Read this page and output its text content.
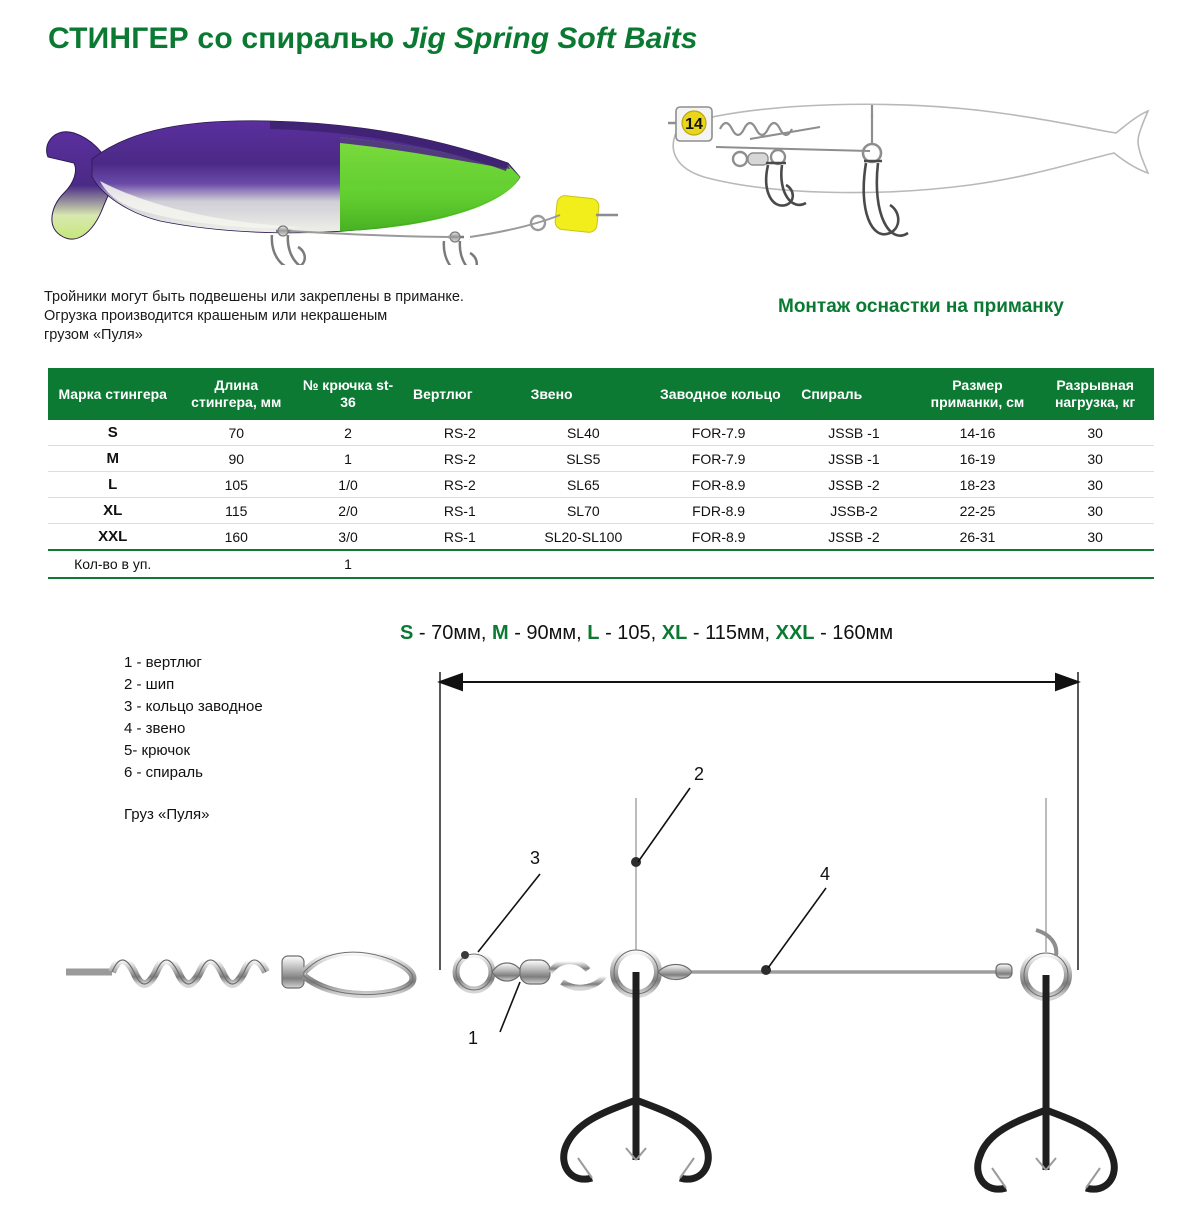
СТИНГЕР со спиралью Jig Spring Soft Baits
14
Тройники могут быть подвешены или закреплены в приманке.
Огрузка производится крашеным или некрашеным
грузом «Пуля»
Монтаж оснастки на приманку
Марка стингера	Длина стингера, мм	№ крючка st-36	Вертлюг	Звено	Заводное кольцо	Спираль	Размер приманки, см	Разрывная нагрузка, кг
S	70	2	RS-2	SL40	FOR-7.9	JSSB -1	14-16	30
M	90	1	RS-2	SLS5	FOR-7.9	JSSB -1	16-19	30
L	105	1/0	RS-2	SL65	FOR-8.9	JSSB -2	18-23	30
XL	115	2/0	RS-1	SL70	FDR-8.9	JSSB-2	22-25	30
XXL	160	3/0	RS-1	SL20-SL100	FOR-8.9	JSSB -2	26-31	30
Кол-во в уп.		1						
S - 70мм, M - 90мм, L - 105, XL - 115мм, XXL - 160мм
1 - вертлюг
2 - шип
3 - кольцо заводное
4 - звено
5- крючок
6 - спираль
Груз «Пуля»
2
3
4
1
